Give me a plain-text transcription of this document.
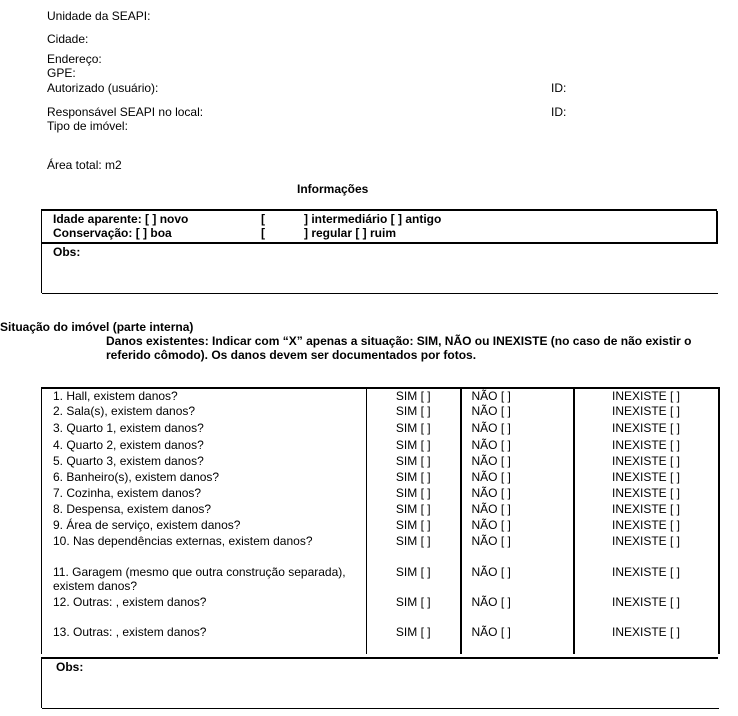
Unidade da SEAPI:
Cidade:
Endereço:
GPE:
Autorizado (usuário):	ID:
Responsável SEAPI no local:	ID:
Tipo de imóvel:
Área total: m2
Informações
Idade aparente: [ ] novo	[	] intermediário [ ] antigo
Conservação: [ ] boa	[	] regular [ ] ruim
Obs:
Situação do imóvel (parte interna)
Danos existentes: Indicar com “X” apenas a situação: SIM, NÃO ou INEXISTE (no caso de não existir o
referido cômodo). Os danos devem ser documentados por fotos.
1. Hall, existem danos?	SIM [ ]	NÃO [ ]	INEXISTE [ ]
2. Sala(s), existem danos?	SIM [ ]	NÃO [ ]	INEXISTE [ ]
3. Quarto 1, existem danos?	SIM [ ]	NÃO [ ]	INEXISTE [ ]
4. Quarto 2, existem danos?	SIM [ ]	NÃO [ ]	INEXISTE [ ]
5. Quarto 3, existem danos?	SIM [ ]	NÃO [ ]	INEXISTE [ ]
6. Banheiro(s), existem danos?	SIM [ ]	NÃO [ ]	INEXISTE [ ]
7. Cozinha, existem danos?	SIM [ ]	NÃO [ ]	INEXISTE [ ]
8. Despensa, existem danos?	SIM [ ]	NÃO [ ]	INEXISTE [ ]
9. Área de serviço, existem danos?	SIM [ ]	NÃO [ ]	INEXISTE [ ]
10. Nas dependências externas, existem danos?	SIM [ ]	NÃO [ ]	INEXISTE [ ]
11. Garagem (mesmo que outra construção separada), existem danos?	SIM [ ]	NÃO [ ]	INEXISTE [ ]
12. Outras: , existem danos?	SIM [ ]	NÃO [ ]	INEXISTE [ ]
13. Outras: , existem danos?	SIM [ ]	NÃO [ ]	INEXISTE [ ]
Obs:
